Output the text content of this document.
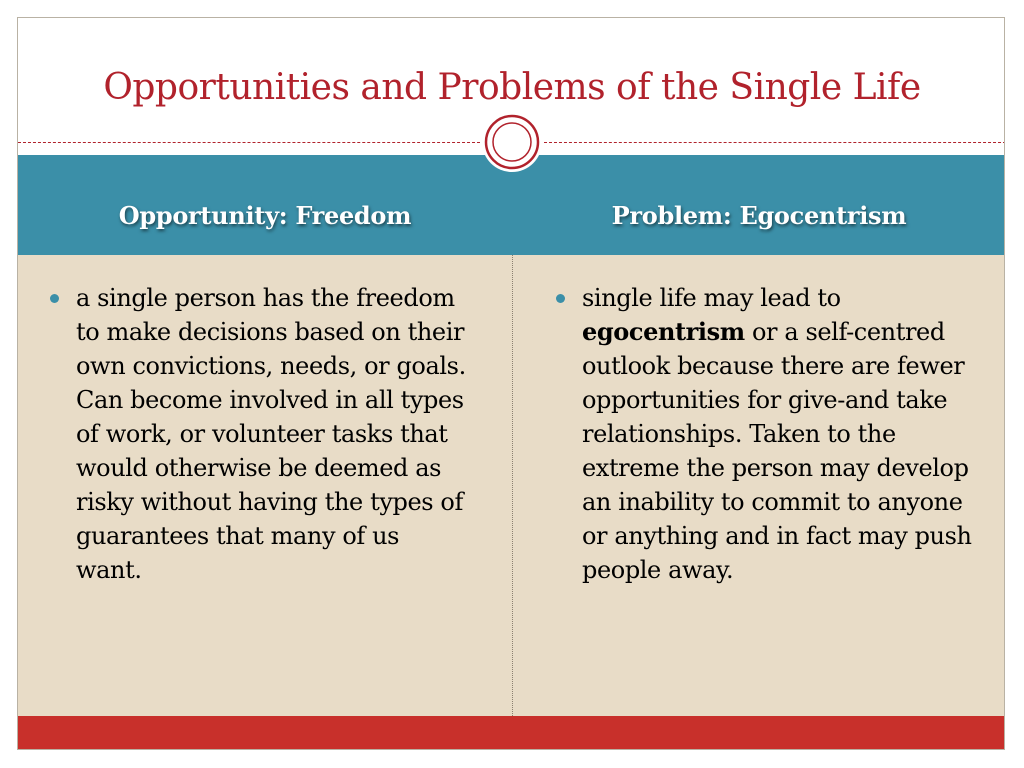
Opportunities and Problems of the Single Life
Opportunity: Freedom	Problem: Egocentrism
a single person has the freedom to make decisions based on their own convictions, needs, or goals. Can become involved in all types of work, or volunteer tasks that would otherwise be deemed as risky without having the types of guarantees that many of us want.
single life may lead to egocentrism or a self-centred outlook because there are fewer opportunities for give-and take relationships. Taken to the extreme the person may develop an inability to commit to anyone or anything and in fact may push people away.
